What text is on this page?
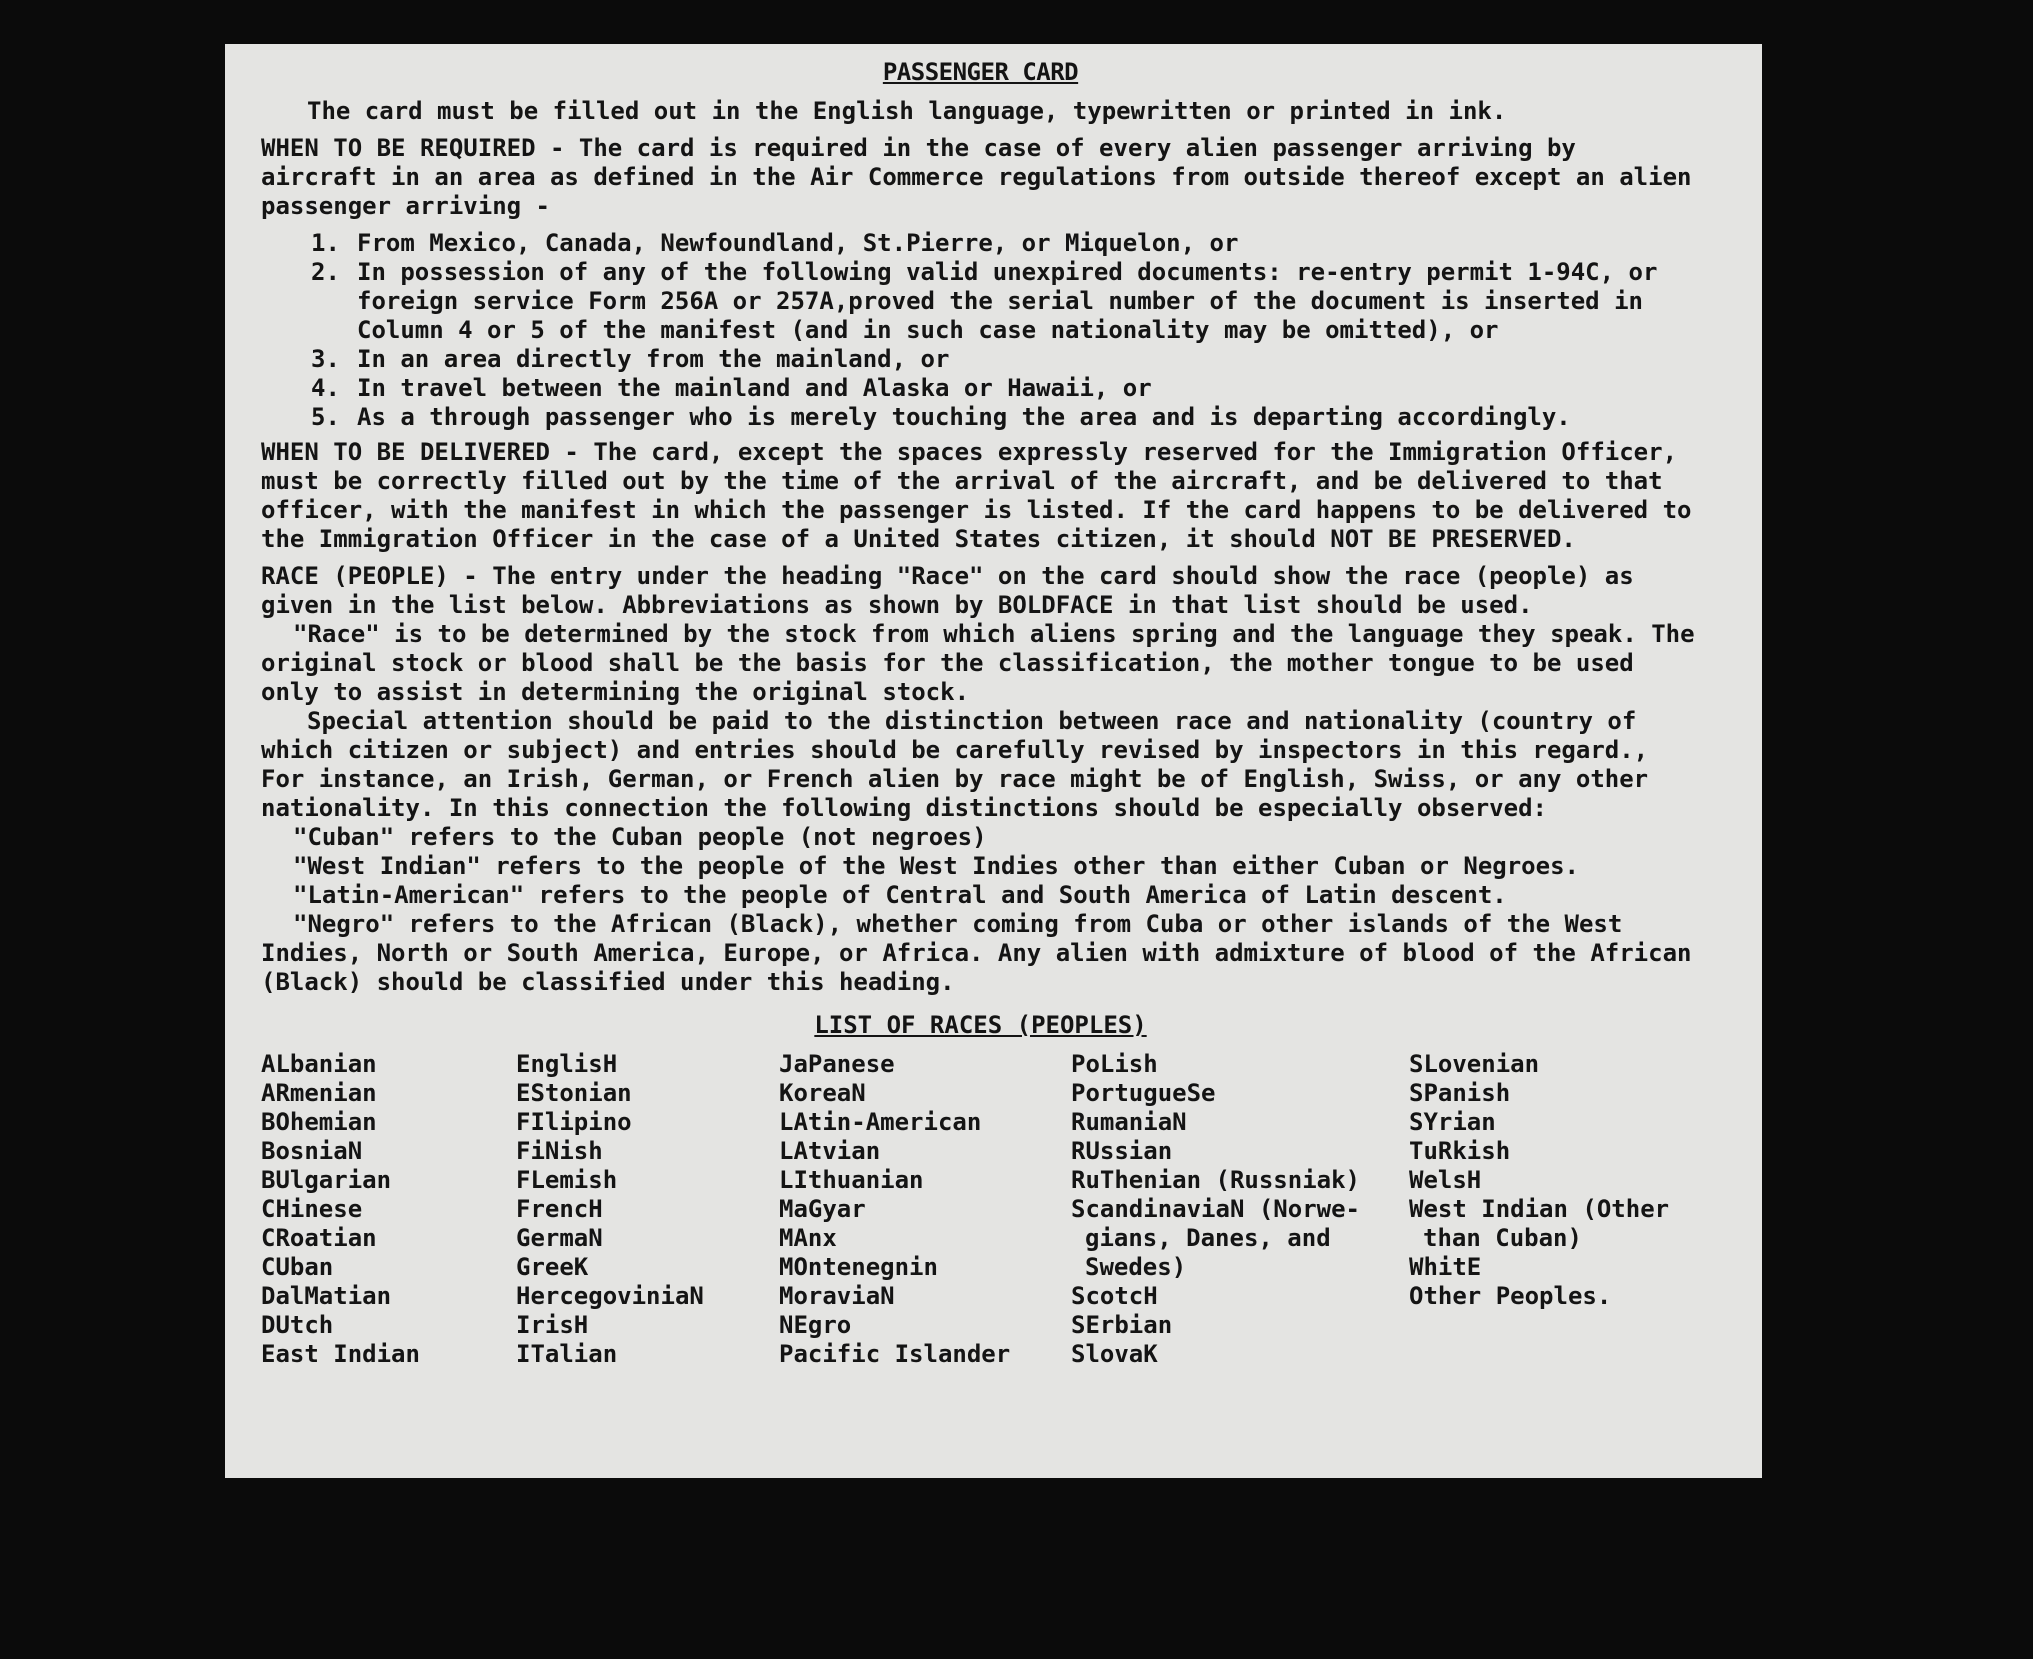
PASSENGER CARD

The card must be filled out in the English language, typewritten or printed in ink.

WHEN TO BE REQUIRED - The card is required in the case of every alien passenger arriving by aircraft in an area as defined in the Air Commerce regulations from outside thereof except an alien passenger arriving -

1. From Mexico, Canada, Newfoundland, St.Pierre, or Miquelon, or
2. In possession of any of the following valid unexpired documents: re-entry permit 1-94C, or foreign service Form 256A or 257A,proved the serial number of the document is inserted in Column 4 or 5 of the manifest (and in such case nationality may be omitted), or
3. In an area directly from the mainland, or
4. In travel between the mainland and Alaska or Hawaii, or
5. As a through passenger who is merely touching the area and is departing accordingly.

WHEN TO BE DELIVERED - The card, except the spaces expressly reserved for the Immigration Officer, must be correctly filled out by the time of the arrival of the aircraft, and be delivered to that officer, with the manifest in which the passenger is listed. If the card happens to be delivered to the Immigration Officer in the case of a United States citizen, it should NOT BE PRESERVED.

RACE (PEOPLE) - The entry under the heading "Race" on the card should show the race (people) as given in the list below. Abbreviations as shown by BOLDFACE in that list should be used.

"Race" is to be determined by the stock from which aliens spring and the language they speak. The original stock or blood shall be the basis for the classification, the mother tongue to be used only to assist in determining the original stock.

Special attention should be paid to the distinction between race and nationality (country of which citizen or subject) and entries should be carefully revised by inspectors in this regard., For instance, an Irish, German, or French alien by race might be of English, Swiss, or any other nationality. In this connection the following distinctions should be especially observed:

"Cuban" refers to the Cuban people (not negroes)

"West Indian" refers to the people of the West Indies other than either Cuban or Negroes.

"Latin-American" refers to the people of Central and South America of Latin descent.

"Negro" refers to the African (Black), whether coming from Cuba or other islands of the West Indies, North or South America, Europe, or Africa. Any alien with admixture of blood of the African (Black) should be classified under this heading.

LIST OF RACES (PEOPLES)
ALbanian
ARmenian
BOhemian
BosniaN
BUlgarian
CHinese
CRoatian
CUban
DalMatian
DUtch
East Indian
EnglisH
EStonian
FIlipino
FiNish
FLemish
FrencH
GermaN
GreeK
HercegoviniaN
IrisH
ITalian
JaPanese
KoreaN
LAtin-American
LAtvian
LIthuanian
MaGyar
MAnx
MOntenegnin
MoraviaN
NEgro
Pacific Islander
PoLish
PortugueSe
RumaniaN
RUssian
RuThenian (Russniak)
ScandinaviaN (Norwe-
gians, Danes, and
Swedes)
ScotcH
SErbian
SlovaK
SLovenian
SPanish
SYrian
TuRkish
WelsH
West Indian (Other
than Cuban)
WhitE
Other Peoples.
